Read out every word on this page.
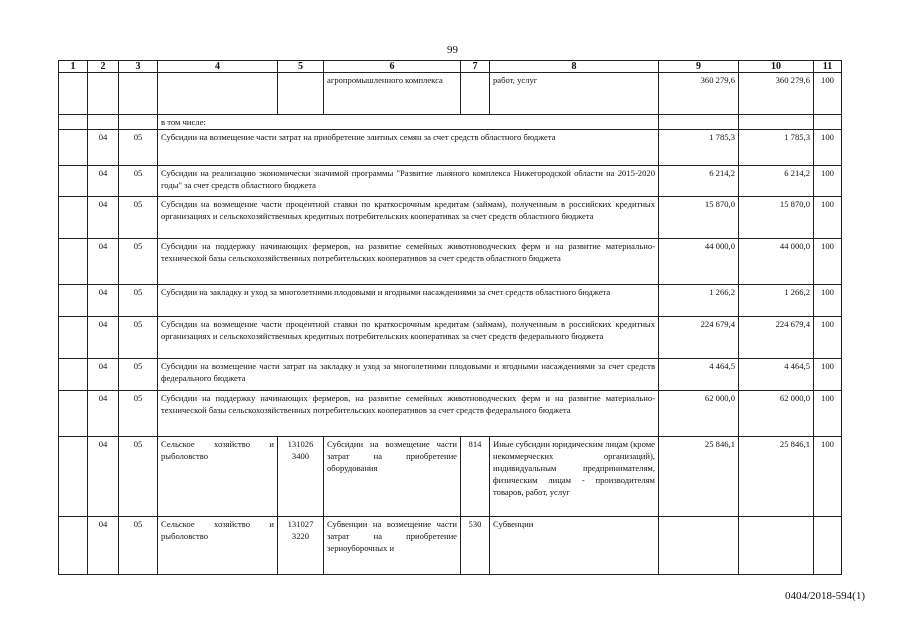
99
1	2	3	4	5	6	7	8	9	10	11
					агропромышленного комплекса		работ, услуг	360 279,6	360 279,6	100
			в том числе:							
	04	05	Субсидии на возмещение части затрат на приобретение элитных семян за счет средств областного бюджета					1 785,3	1 785,3	100
	04	05	Субсидии на реализацию экономически значимой программы "Развитие льняного комплекса Нижегородской области на 2015-2020 годы" за счет средств областного бюджета					6 214,2	6 214,2	100
	04	05	Субсидии на возмещение части процентной ставки по краткосрочным кредитам (займам), полученным в российских кредитных организациях и сельскохозяйственных кредитных потребительских кооперативах за счет средств областного бюджета					15 870,0	15 870,0	100
	04	05	Субсидии на поддержку начинающих фермеров, на развитие семейных животноводческих ферм и на развитие материально-технической базы сельскохозяйственных потребительских кооперативов за счет средств областного бюджета					44 000,0	44 000,0	100
	04	05	Субсидии на закладку и уход за многолетними плодовыми и ягодными насаждениями за счет средств областного бюджета					1 266,2	1 266,2	100
	04	05	Субсидии на возмещение части процентной ставки по краткосрочным кредитам (займам), полученным в российских кредитных организациях и сельскохозяйственных кредитных потребительских кооперативах за счет средств федерального бюджета					224 679,4	224 679,4	100
	04	05	Субсидии на возмещение части затрат на закладку и уход за многолетними плодовыми и ягодными насаждениями за счет средств федерального бюджета					4 464,5	4 464,5	100
	04	05	Субсидии на поддержку начинающих фермеров, на развитие семейных животноводческих ферм и на развитие материально-технической базы сельскохозяйственных потребительских кооперативов за счет средств федерального бюджета					62 000,0	62 000,0	100
	04	05	Сельское хозяйство и рыболовство	131026 3400	Субсидии на возмещение части затрат на приобретение оборудования	814	Иные субсидии юридическим лицам (кроме некоммерческих организаций), индивидуальным предпринимателям, физическим лицам - производителям товаров, работ, услуг	25 846,1	25 846,1	100
	04	05	Сельское хозяйство и рыболовство	131027 3220	Субвенции на возмещение части затрат на приобретение зерноуборочных и	530	Субвенции			
0404/2018-594(1)
